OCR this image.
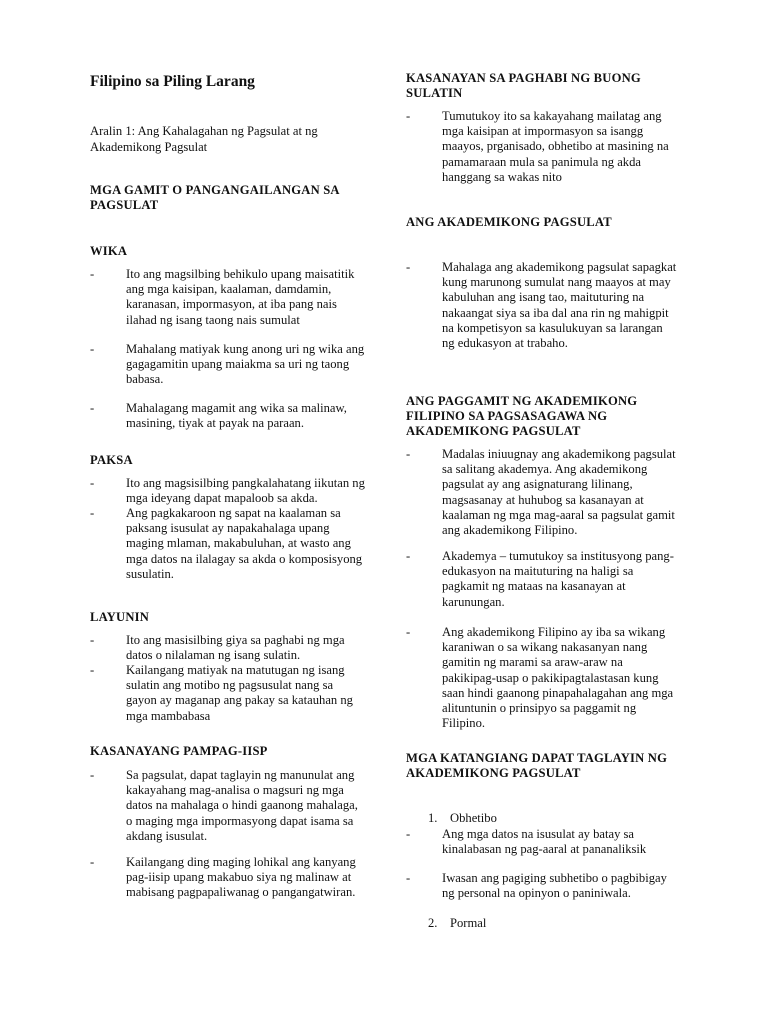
Filipino sa Piling Larang
Aralin 1: Ang Kahalagahan ng Pagsulat at ng Akademikong Pagsulat
MGA GAMIT O PANGANGAILANGAN SA PAGSULAT
WIKA
-	Ito ang magsilbing behikulo upang maisatitik ang mga kaisipan, kaalaman, damdamin, karanasan, impormasyon, at iba pang nais ilahad ng isang taong nais sumulat
-	Mahalang matiyak kung anong uri ng wika ang gagagamitin upang maiakma sa uri ng taong babasa.
-	Mahalagang magamit ang wika sa malinaw, masining, tiyak at payak na paraan.
PAKSA
-	Ito ang magsisilbing pangkalahatang iikutan ng mga ideyang dapat mapaloob sa akda.
-	Ang pagkakaroon ng sapat na kaalaman sa paksang isusulat ay napakahalaga upang maging mlaman, makabuluhan, at wasto ang mga datos na ilalagay sa akda o komposisyong susulatin.
LAYUNIN
-	Ito ang masisilbing giya sa paghabi ng mga datos o nilalaman ng isang sulatin.
-	Kailangang matiyak na matutugan ng isang sulatin ang motibo ng pagsusulat nang sa gayon ay maganap ang pakay sa katauhan ng mga mambabasa
KASANAYANG PAMPAG-IISP
-	Sa pagsulat, dapat taglayin ng manunulat ang kakayahang mag-analisa o magsuri ng mga datos na mahalaga o hindi gaanong mahalaga, o maging mga impormasyong dapat isama sa akdang isusulat.
-	Kailangang ding maging lohikal ang kanyang pag-iisip upang makabuo siya ng malinaw at mabisang pagpapaliwanag o pangangatwiran.
KASANAYAN SA PAGHABI NG BUONG SULATIN
-	Tumutukoy ito sa kakayahang mailatag ang mga kaisipan at impormasyon sa isangg maayos, prganisado, obhetibo at masining na pamamaraan mula sa panimula ng akda hanggang sa wakas nito
ANG AKADEMIKONG PAGSULAT
-	Mahalaga ang akademikong pagsulat sapagkat kung marunong sumulat nang maayos at may kabuluhan ang isang tao, maituturing na nakaangat siya sa iba dal ana rin ng mahigpit na kompetisyon sa kasulukuyan sa larangan ng edukasyon at trabaho.
ANG PAGGAMIT NG AKADEMIKONG FILIPINO SA PAGSASAGAWA NG AKADEMIKONG PAGSULAT
-	Madalas iniuugnay ang akademikong pagsulat sa salitang akademya. Ang akademikong pagsulat ay ang asignaturang lilinang, magsasanay at huhubog sa kasanayan at kaalaman ng mga mag-aaral sa pagsulat gamit ang akademikong Filipino.
-	Akademya – tumutukoy sa institusyong pang-edukasyon na maituturing na haligi sa pagkamit ng mataas na kasanayan at karunungan.
-	Ang akademikong Filipino ay iba sa wikang karaniwan o sa wikang nakasanyan nang gamitin ng marami sa araw-araw na pakikipag-usap o pakikipagtalastasan kung saan hindi gaanong pinapahalagahan ang mga alituntunin o prinsipyo sa paggamit ng Filipino.
MGA KATANGIANG DAPAT TAGLAYIN NG AKADEMIKONG PAGSULAT
1. Obhetibo
-	Ang mga datos na isusulat ay batay sa kinalabasan ng pag-aaral at pananaliksik
-	Iwasan ang pagiging subhetibo o pagbibigay ng personal na opinyon o paniniwala.
2. Pormal
